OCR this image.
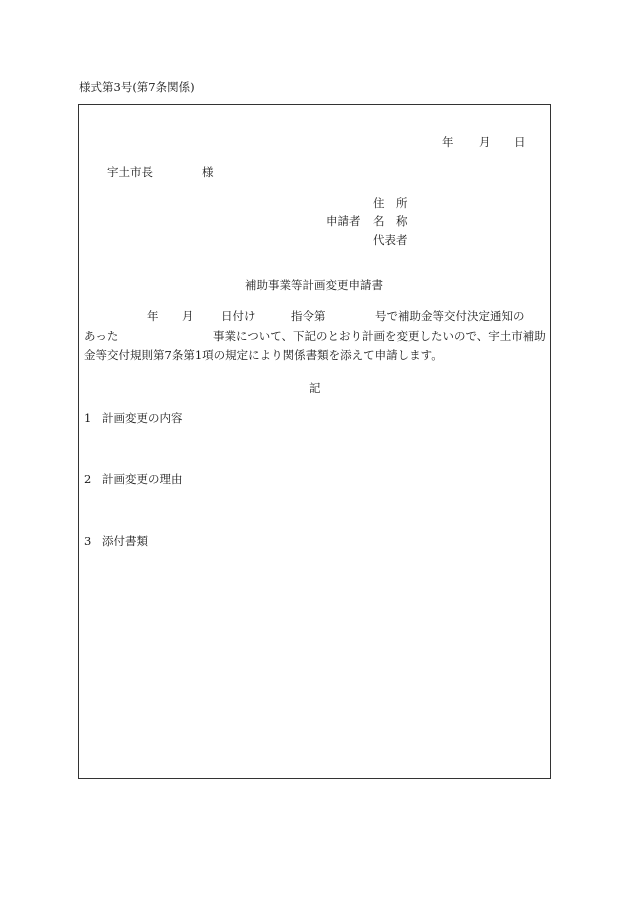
様式第3号(第7条関係)
年 月 日
宇土市長	様
住　所
申請者 名　称
代表者
補助事業等計画変更申請書
年 月 日付け	指令第	号で補助金等交付決定通知の
あった	事業について、下記のとおり計画を変更したいので、宇土市補助
金等交付規則第7条第1項の規定により関係書類を添えて申請します。
記
1 計画変更の内容
2 計画変更の理由
3 添付書類
